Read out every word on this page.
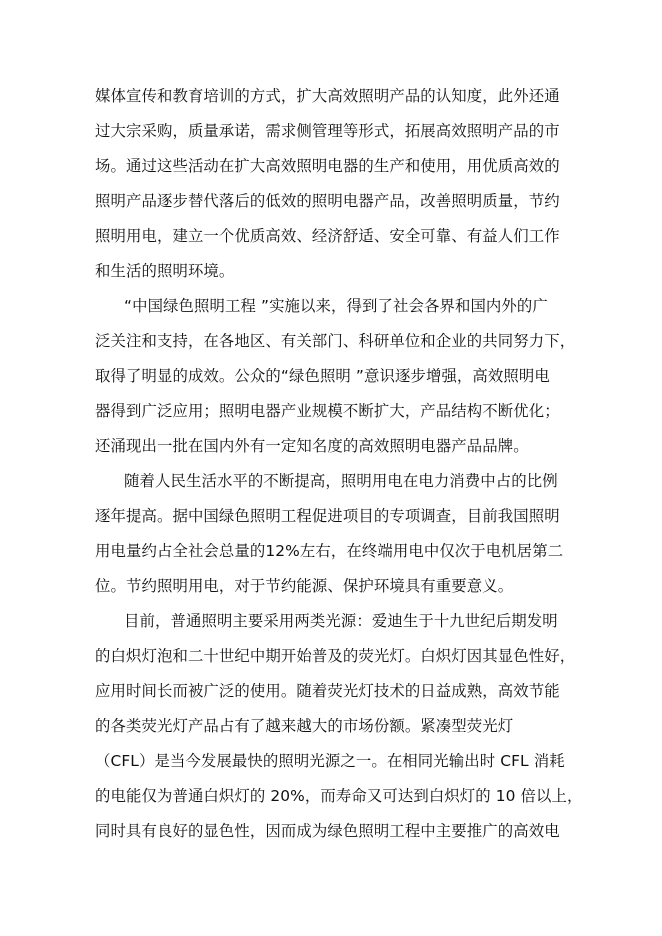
媒体宣传和教育培训的方式，扩大高效照明产品的认知度，此外还通
过大宗采购，质量承诺，需求侧管理等形式，拓展高效照明产品的市
场。通过这些活动在扩大高效照明电器的生产和使用，用优质高效的
照明产品逐步替代落后的低效的照明电器产品，改善照明质量，节约
照明用电，建立一个优质高效、经济舒适、安全可靠、有益人们工作
和生活的照明环境。
“中国绿色照明工程 ”实施以来，得到了社会各界和国内外的广
泛关注和支持，在各地区、有关部门、科研单位和企业的共同努力下，
取得了明显的成效。公众的“绿色照明 ”意识逐步增强，高效照明电
器得到广泛应用；照明电器产业规模不断扩大，产品结构不断优化；
还涌现出一批在国内外有一定知名度的高效照明电器产品品牌。
随着人民生活水平的不断提高，照明用电在电力消费中占的比例
逐年提高。据中国绿色照明工程促进项目的专项调查，目前我国照明
用电量约占全社会总量的12%左右，在终端用电中仅次于电机居第二
位。节约照明用电，对于节约能源、保护环境具有重要意义。
目前，普通照明主要采用两类光源：爱迪生于十九世纪后期发明
的白炽灯泡和二十世纪中期开始普及的荧光灯。白炽灯因其显色性好，
应用时间长而被广泛的使用。随着荧光灯技术的日益成熟，高效节能
的各类荧光灯产品占有了越来越大的市场份额。紧凑型荧光灯
（CFL）是当今发展最快的照明光源之一。在相同光输出时 CFL 消耗
的电能仅为普通白炽灯的 20%，而寿命又可达到白炽灯的 10 倍以上，
同时具有良好的显色性，因而成为绿色照明工程中主要推广的高效电
